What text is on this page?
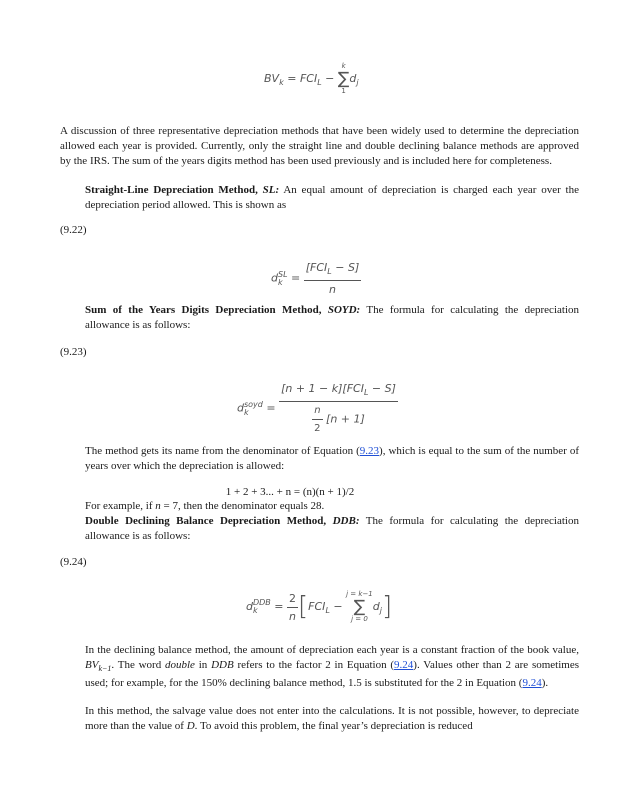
$BV_k = FCI_L$ −
k
∑
1
$d_j$

A discussion of three representative depreciation methods that have been widely used to determine the depreciation allowed each year is provided. Currently, only the straight line and double declining balance methods are approved by the IRS. The sum of the years digits method has been used previously and is included here for completeness.

Straight-Line Depreciation Method, SL: An equal amount of depreciation is charged each year over the depreciation period allowed. This is shown as

(9.22)
d SL
$k = \frac{[FCI_L - S]}{n}$

Sum of the Years Digits Depreciation Method, SOYD: The formula for calculating the depreciation allowance is as follows:

(9.23)
d soyd
k	= $\frac{[n + 1 - k][FCI_L - S]}{\frac{n}{2} [n + 1]}$

The method gets its name from the denominator of Equation (9.23), which is equal to the sum of the number of years over which the depreciation is allowed:

1 + 2 + 3... + n = (n)(n + 1)/2

For example, if n = 7, then the denominator equals 28.

Double Declining Balance Depreciation Method, DDB: The formula for calculating the depreciation allowance is as follows:

(9.24)
d DDB
k	= $\frac{2}{n} [FCI_L$ −
j = k−1
∑
j = 0
$d_j$]

In the declining balance method, the amount of depreciation each year is a constant fraction of the book value, $BV_{k-1}$. The word double in DDB refers to the factor 2 in Equation (9.24). Values other than 2 are sometimes used; for example, for the 150% declining balance method, 1.5 is substituted for the 2 in Equation (9.24).

In this method, the salvage value does not enter into the calculations. It is not possible, however, to depreciate more than the value of D. To avoid this problem, the final year’s depreciation is reduced
